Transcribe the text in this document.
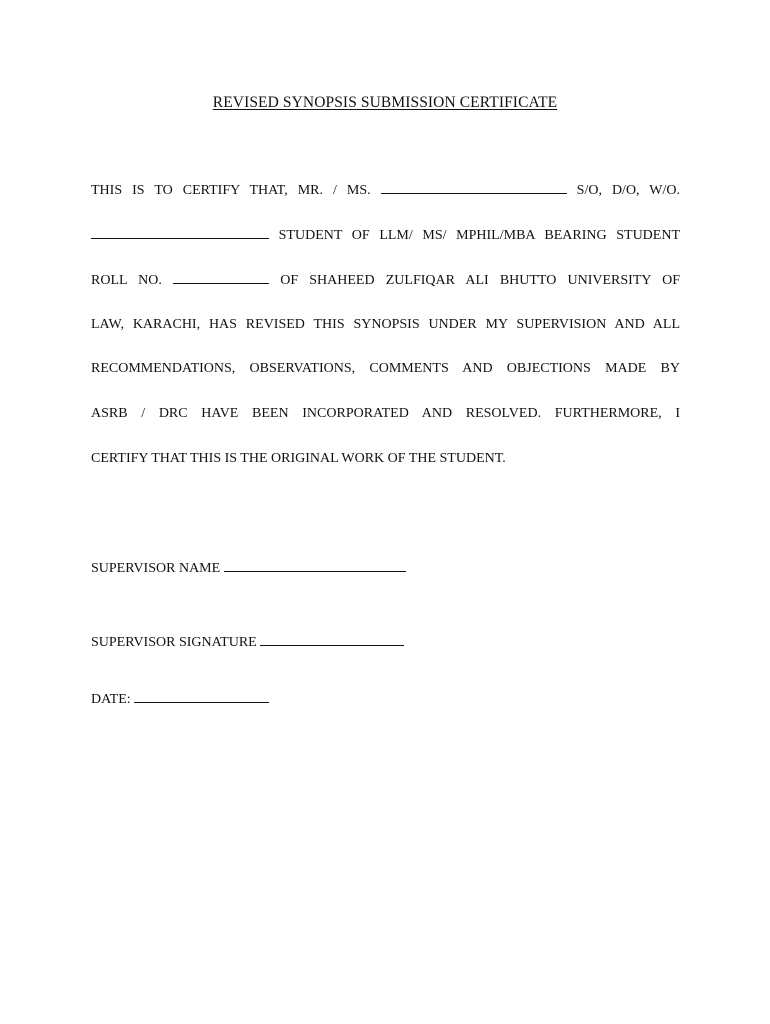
REVISED SYNOPSIS SUBMISSION CERTIFICATE
THIS IS TO CERTIFY THAT, MR. / MS.	S/O, D/O, W/O.
STUDENT OF LLM/ MS/ MPHIL/MBA BEARING STUDENT
ROLL NO.	OF SHAHEED ZULFIQAR ALI BHUTTO UNIVERSITY OF
LAW, KARACHI, HAS REVISED THIS SYNOPSIS UNDER MY SUPERVISION AND ALL
RECOMMENDATIONS, OBSERVATIONS, COMMENTS AND OBJECTIONS MADE BY
ASRB / DRC HAVE BEEN INCORPORATED AND RESOLVED. FURTHERMORE, I
CERTIFY THAT THIS IS THE ORIGINAL WORK OF THE STUDENT.
SUPERVISOR NAME
SUPERVISOR SIGNATURE
DATE:
